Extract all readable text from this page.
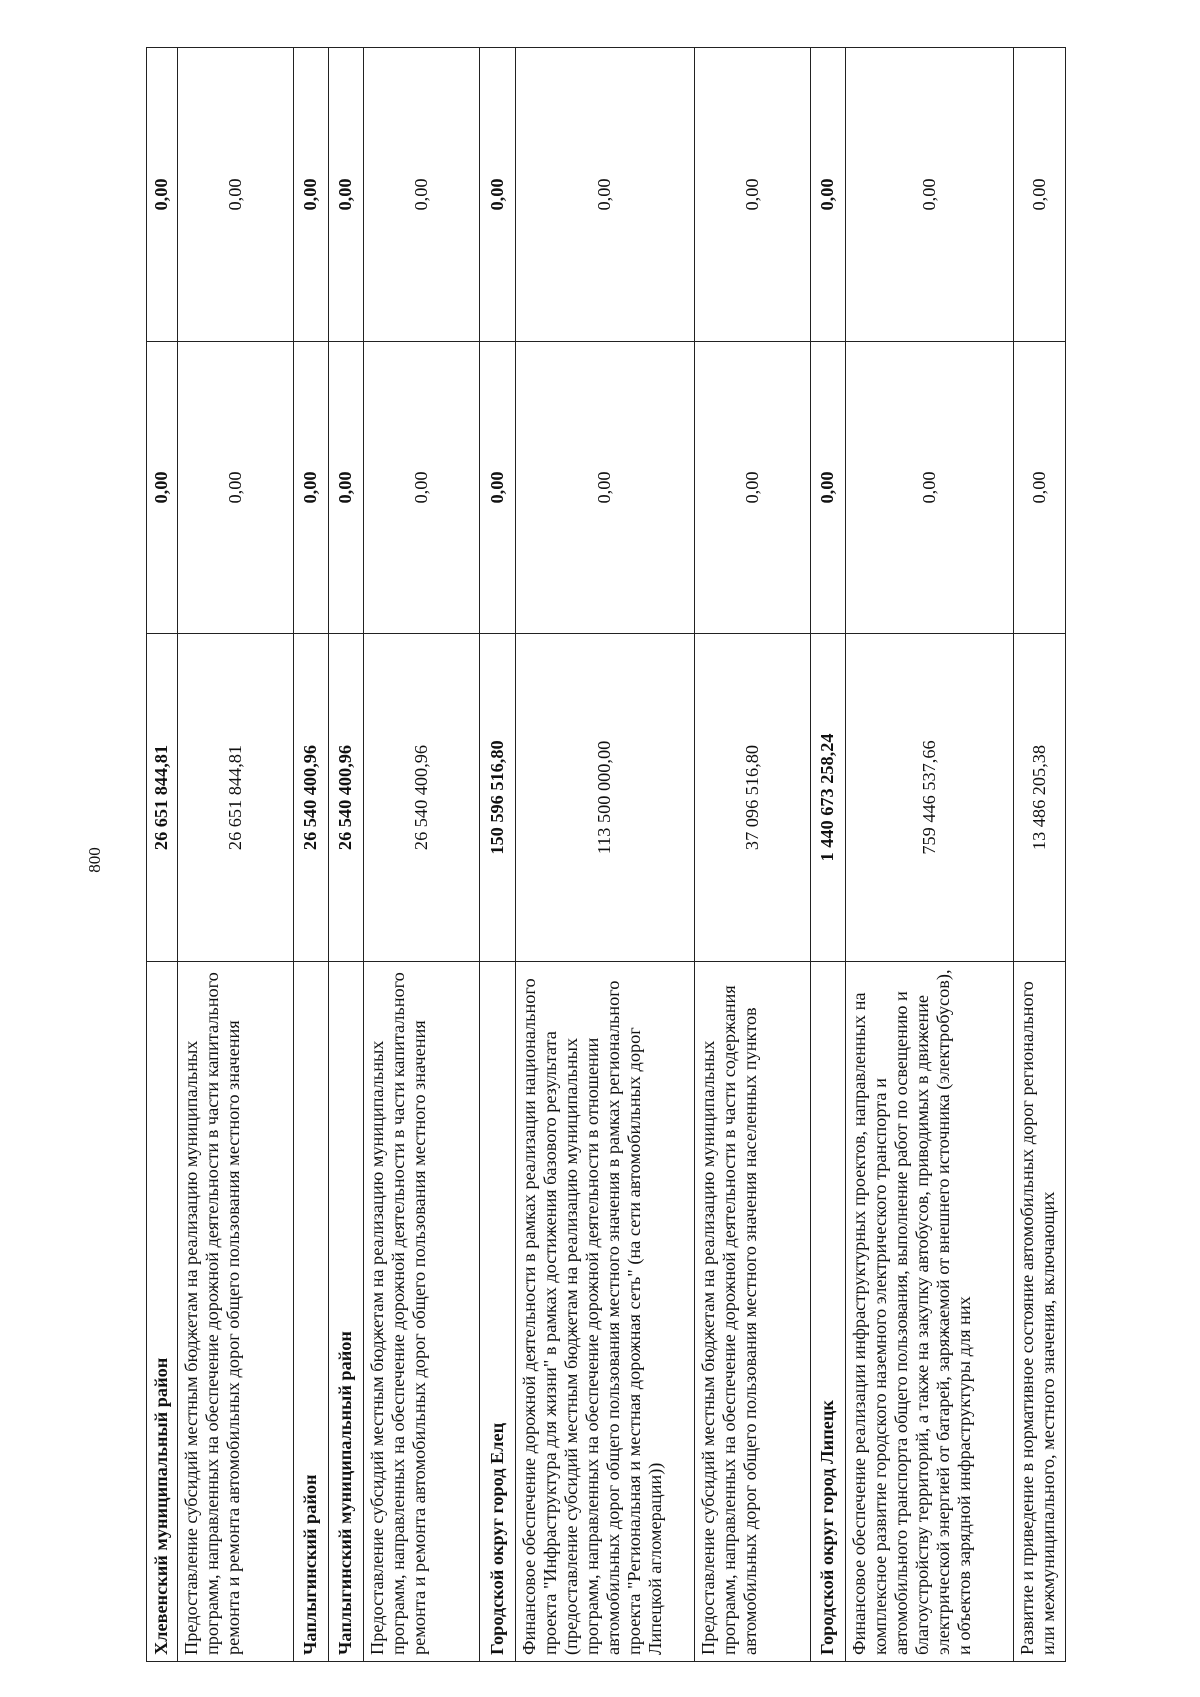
800
Хлевенский муниципальный район	26 651 844,81	0,00	0,00
Предоставление субсидий местным бюджетам на реализацию муниципальных программ, направленных на обеспечение дорожной деятельности в части капитального ремонта и ремонта автомобильных дорог общего пользования местного значения	26 651 844,81	0,00	0,00
Чаплыгинский район	26 540 400,96	0,00	0,00
Чаплыгинский муниципальный район	26 540 400,96	0,00	0,00
Предоставление субсидий местным бюджетам на реализацию муниципальных программ, направленных на обеспечение дорожной деятельности в части капитального ремонта и ремонта автомобильных дорог общего пользования местного значения	26 540 400,96	0,00	0,00
Городской округ город Елец	150 596 516,80	0,00	0,00
Финансовое обеспечение дорожной деятельности в рамках реализации национального проекта "Инфраструктура для жизни" в рамках достижения базового результата (предоставление субсидий местным бюджетам на реализацию муниципальных программ, направленных на обеспечение дорожной деятельности в отношении автомобильных дорог общего пользования местного значения в рамках регионального проекта "Региональная и местная дорожная сеть" (на сети автомобильных дорог Липецкой агломерации))	113 500 000,00	0,00	0,00
Предоставление субсидий местным бюджетам на реализацию муниципальных программ, направленных на обеспечение дорожной деятельности в части содержания автомобильных дорог общего пользования местного значения населенных пунктов	37 096 516,80	0,00	0,00
Городской округ город Липецк	1 440 673 258,24	0,00	0,00
Финансовое обеспечение реализации инфраструктурных проектов, направленных на комплексное развитие городского наземного электрического транспорта и автомобильного транспорта общего пользования, выполнение работ по освещению и благоустройству территорий, а также на закупку автобусов, приводимых в движение электрической энергией от батарей, заряжаемой от внешнего источника (электробусов), и объектов зарядной инфраструктуры для них	759 446 537,66	0,00	0,00
Развитие и приведение в нормативное состояние автомобильных дорог регионального или межмуниципального, местного значения, включающих	13 486 205,38	0,00	0,00
